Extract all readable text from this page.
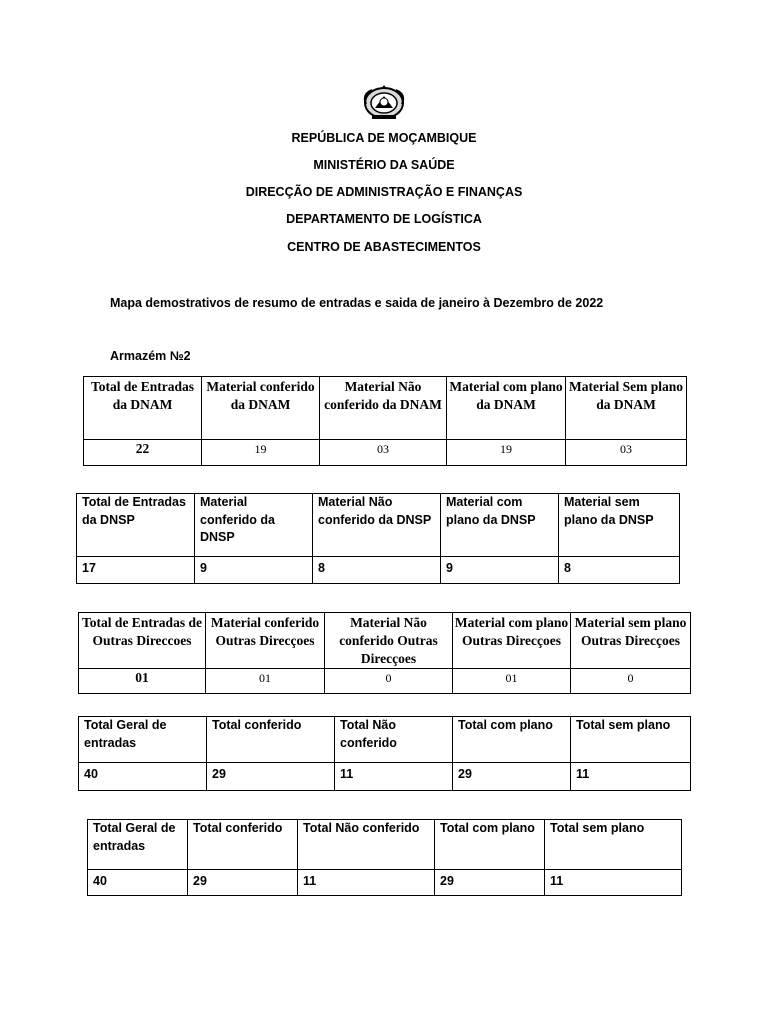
REPÚBLICA DE MOÇAMBIQUE
MINISTÉRIO DA SAÚDE
DIRECÇÃO DE ADMINISTRAÇÃO E FINANÇAS
DEPARTAMENTO DE LOGÍSTICA
CENTRO DE ABASTECIMENTOS
Mapa demostrativos de resumo de entradas e saida de janeiro à Dezembro de 2022
Armazém №2
Total de Entradas da DNAM	Material conferido da DNAM	Material Não conferido da DNAM	Material com plano da DNAM	Material Sem plano da DNAM
22	19	03	19	03
Total de Entradas da DNSP	Material conferido da DNSP	Material Não conferido da DNSP	Material com plano da DNSP	Material sem plano da DNSP
17	9	8	9	8
Total de Entradas de Outras Direccoes	Material conferido Outras Direcçoes	Material Não conferido Outras Direcçoes	Material com plano Outras Direcçoes	Material sem plano Outras Direcçoes
01	01	0	01	0
Total Geral de entradas	Total conferido	Total Não conferido	Total com plano	Total sem plano
40	29	11	29	11
Total Geral de entradas	Total conferido	Total Não conferido	Total com plano	Total sem plano
40	29	11	29	11
